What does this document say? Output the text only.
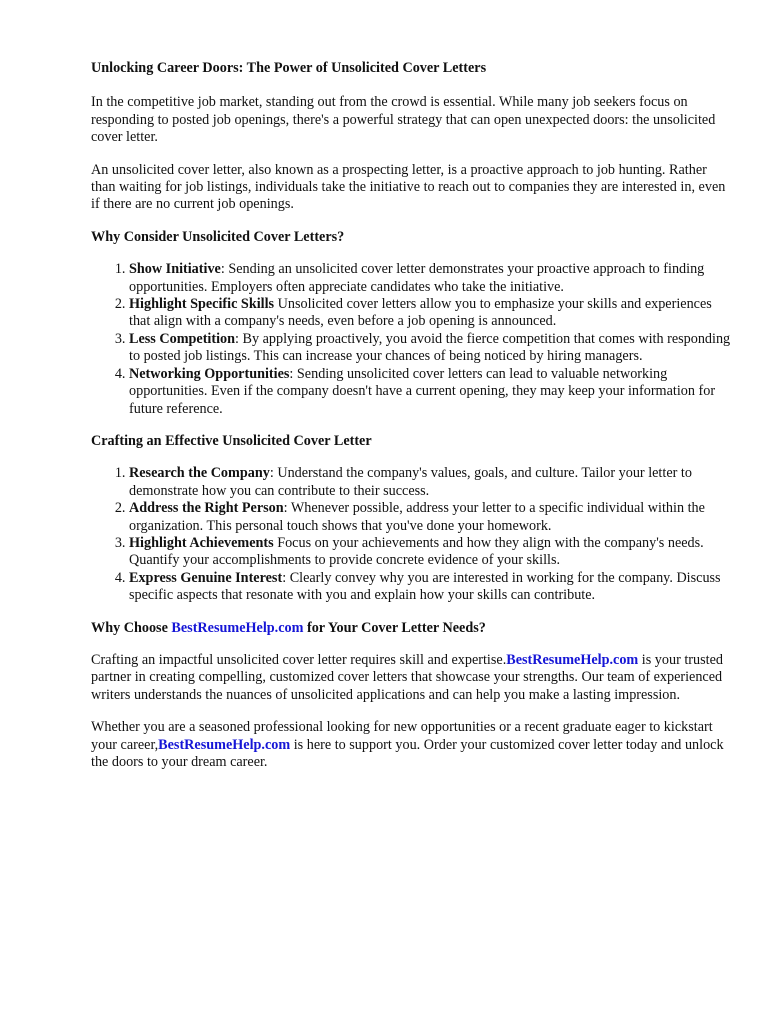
Unlocking Career Doors: The Power of Unsolicited Cover Letters

In the competitive job market, standing out from the crowd is essential. While many job seekers focus on responding to posted job openings, there's a powerful strategy that can open unexpected doors: the unsolicited cover letter.

An unsolicited cover letter, also known as a prospecting letter, is a proactive approach to job hunting. Rather than waiting for job listings, individuals take the initiative to reach out to companies they are interested in, even if there are no current job openings.

Why Consider Unsolicited Cover Letters?
1. Show Initiative: Sending an unsolicited cover letter demonstrates your proactive approach to finding opportunities. Employers often appreciate candidates who take the initiative.
2. Highlight Specific Skills Unsolicited cover letters allow you to emphasize your skills and experiences that align with a company's needs, even before a job opening is announced.
3. Less Competition: By applying proactively, you avoid the fierce competition that comes with responding to posted job listings. This can increase your chances of being noticed by hiring managers.
4. Networking Opportunities: Sending unsolicited cover letters can lead to valuable networking opportunities. Even if the company doesn't have a current opening, they may keep your information for future reference.
Crafting an Effective Unsolicited Cover Letter
1. Research the Company: Understand the company's values, goals, and culture. Tailor your letter to demonstrate how you can contribute to their success.
2. Address the Right Person: Whenever possible, address your letter to a specific individual within the organization. This personal touch shows that you've done your homework.
3. Highlight Achievements Focus on your achievements and how they align with the company's needs. Quantify your accomplishments to provide concrete evidence of your skills.
4. Express Genuine Interest: Clearly convey why you are interested in working for the company. Discuss specific aspects that resonate with you and explain how your skills can contribute.
Why Choose BestResumeHelp.com for Your Cover Letter Needs?

Crafting an impactful unsolicited cover letter requires skill and expertise.BestResumeHelp.com is your trusted partner in creating compelling, customized cover letters that showcase your strengths. Our team of experienced writers understands the nuances of unsolicited applications and can help you make a lasting impression.

Whether you are a seasoned professional looking for new opportunities or a recent graduate eager to kickstart your career,BestResumeHelp.com is here to support you. Order your customized cover letter today and unlock the doors to your dream career.
